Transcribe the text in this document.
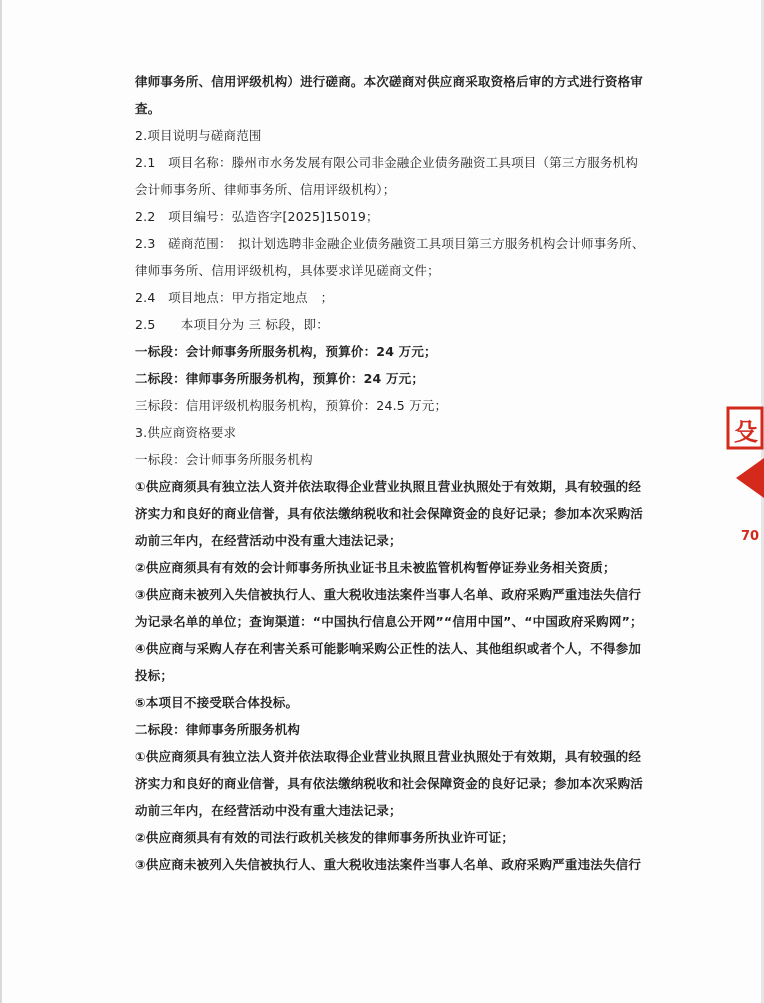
律师事务所、信用评级机构）进行磋商。本次磋商对供应商采取资格后审的方式进行资格审
查。
2.项目说明与磋商范围
2.1　项目名称：滕州市水务发展有限公司非金融企业债务融资工具项目（第三方服务机构
会计师事务所、律师事务所、信用评级机构）；
2.2　项目编号：弘造咨字[2025]15019；
2.3　磋商范围：　拟计划选聘非金融企业债务融资工具项目第三方服务机构会计师事务所、
律师事务所、信用评级机构，具体要求详见磋商文件；
2.4　项目地点：甲方指定地点　；
2.5　　本项目分为 三 标段，即：
一标段：会计师事务所服务机构，预算价：24 万元；
二标段：律师事务所服务机构，预算价：24 万元；
三标段：信用评级机构服务机构，预算价：24.5 万元；
3.供应商资格要求
一标段：会计师事务所服务机构
①供应商须具有独立法人资并依法取得企业营业执照且营业执照处于有效期，具有较强的经
济实力和良好的商业信誉，具有依法缴纳税收和社会保障资金的良好记录；参加本次采购活
动前三年内，在经营活动中没有重大违法记录；
②供应商须具有有效的会计师事务所执业证书且未被监管机构暂停证券业务相关资质；
③供应商未被列入失信被执行人、重大税收违法案件当事人名单、政府采购严重违法失信行
为记录名单的单位；查询渠道：“中国执行信息公开网”“信用中国”、“中国政府采购网”；
④供应商与采购人存在利害关系可能影响采购公正性的法人、其他组织或者个人，不得参加
投标；
⑤本项目不接受联合体投标。
二标段：律师事务所服务机构
①供应商须具有独立法人资并依法取得企业营业执照且营业执照处于有效期，具有较强的经
济实力和良好的商业信誉，具有依法缴纳税收和社会保障资金的良好记录；参加本次采购活
动前三年内，在经营活动中没有重大违法记录；
②供应商须具有有效的司法行政机关核发的律师事务所执业许可证；
③供应商未被列入失信被执行人、重大税收违法案件当事人名单、政府采购严重违法失信行
殳
70
